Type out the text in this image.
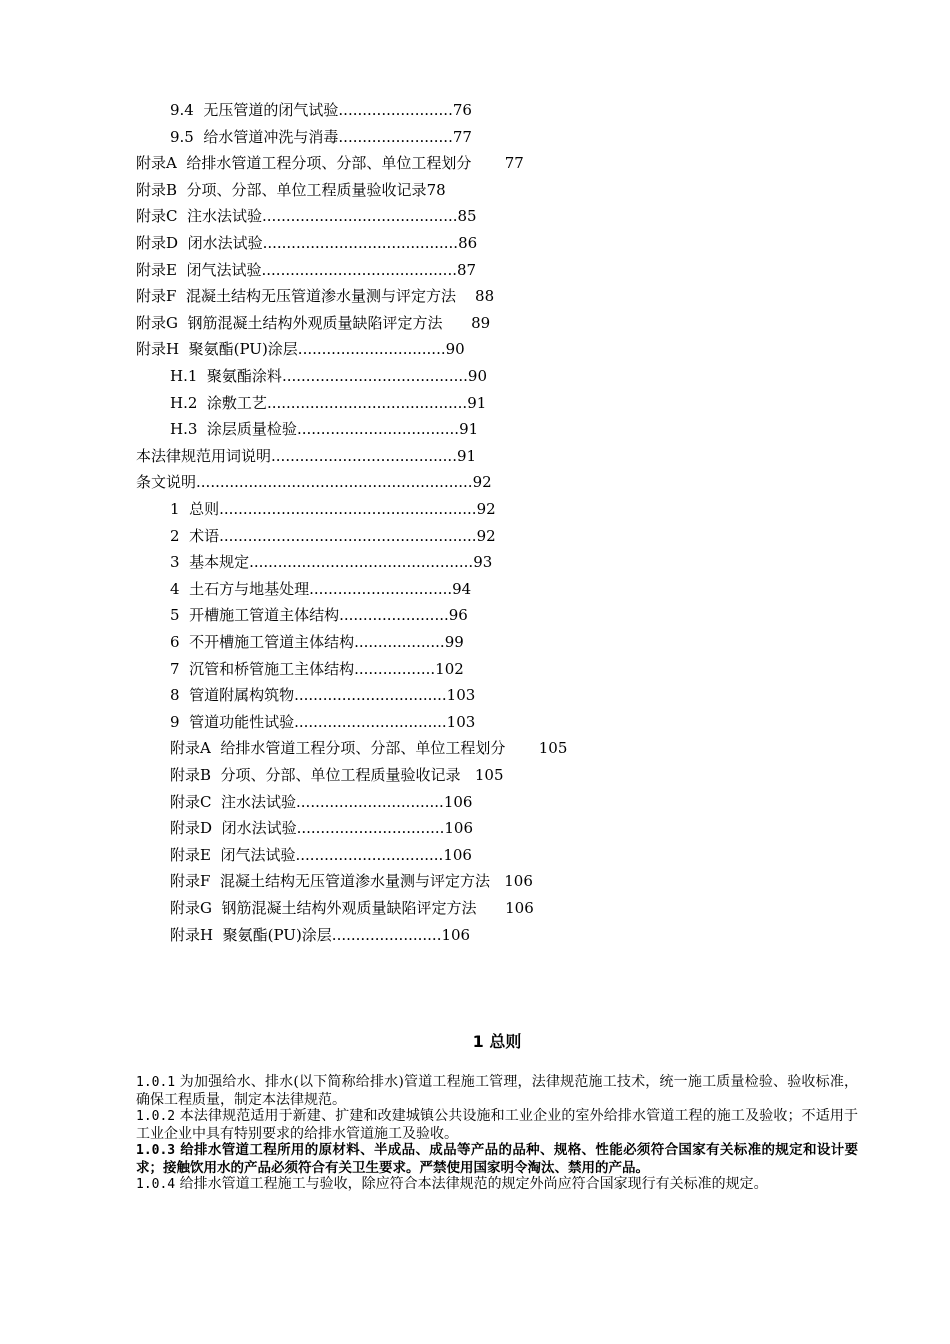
9.4  无压管道的闭气试验........................76
9.5  给水管道冲洗与消毒........................77
附录A  给排水管道工程分项、分部、单位工程划分 77
附录B  分项、分部、单位工程质量验收记录78
附录C  注水法试验.........................................85
附录D  闭水法试验.........................................86
附录E  闭气法试验.........................................87
附录F  混凝土结构无压管道渗水量测与评定方法 88
附录G  钢筋混凝土结构外观质量缺陷评定方法 89
附录H  聚氨酯(PU)涂层...............................90
H.1  聚氨酯涂料.......................................90
H.2  涂敷工艺..........................................91
H.3  涂层质量检验..................................91
本法律规范用词说明.......................................91
条文说明..........................................................92
1  总则......................................................92
2  术语......................................................92
3  基本规定...............................................93
4  土石方与地基处理..............................94
5  开槽施工管道主体结构.......................96
6  不开槽施工管道主体结构...................99
7  沉管和桥管施工主体结构.................102
8  管道附属构筑物................................103
9  管道功能性试验................................103
附录A  给排水管道工程分项、分部、单位工程划分 105
附录B  分项、分部、单位工程质量验收记录 105
附录C  注水法试验...............................106
附录D  闭水法试验...............................106
附录E  闭气法试验...............................106
附录F  混凝土结构无压管道渗水量测与评定方法 106
附录G  钢筋混凝土结构外观质量缺陷评定方法 106
附录H  聚氨酯(PU)涂层.......................106
1 总则

1.0.1 为加强给水、排水(以下简称给排水)管道工程施工管理，法律规范施工技术，统一施工质量检验、验收标准，确保工程质量，制定本法律规范。

1.0.2 本法律规范适用于新建、扩建和改建城镇公共设施和工业企业的室外给排水管道工程的施工及验收；不适用于工业企业中具有特别要求的给排水管道施工及验收。

1.0.3 给排水管道工程所用的原材料、半成品、成品等产品的品种、规格、性能必须符合国家有关标准的规定和设计要求；接触饮用水的产品必须符合有关卫生要求。严禁使用国家明令淘汰、禁用的产品。

1.0.4 给排水管道工程施工与验收，除应符合本法律规范的规定外尚应符合国家现行有关标准的规定。
